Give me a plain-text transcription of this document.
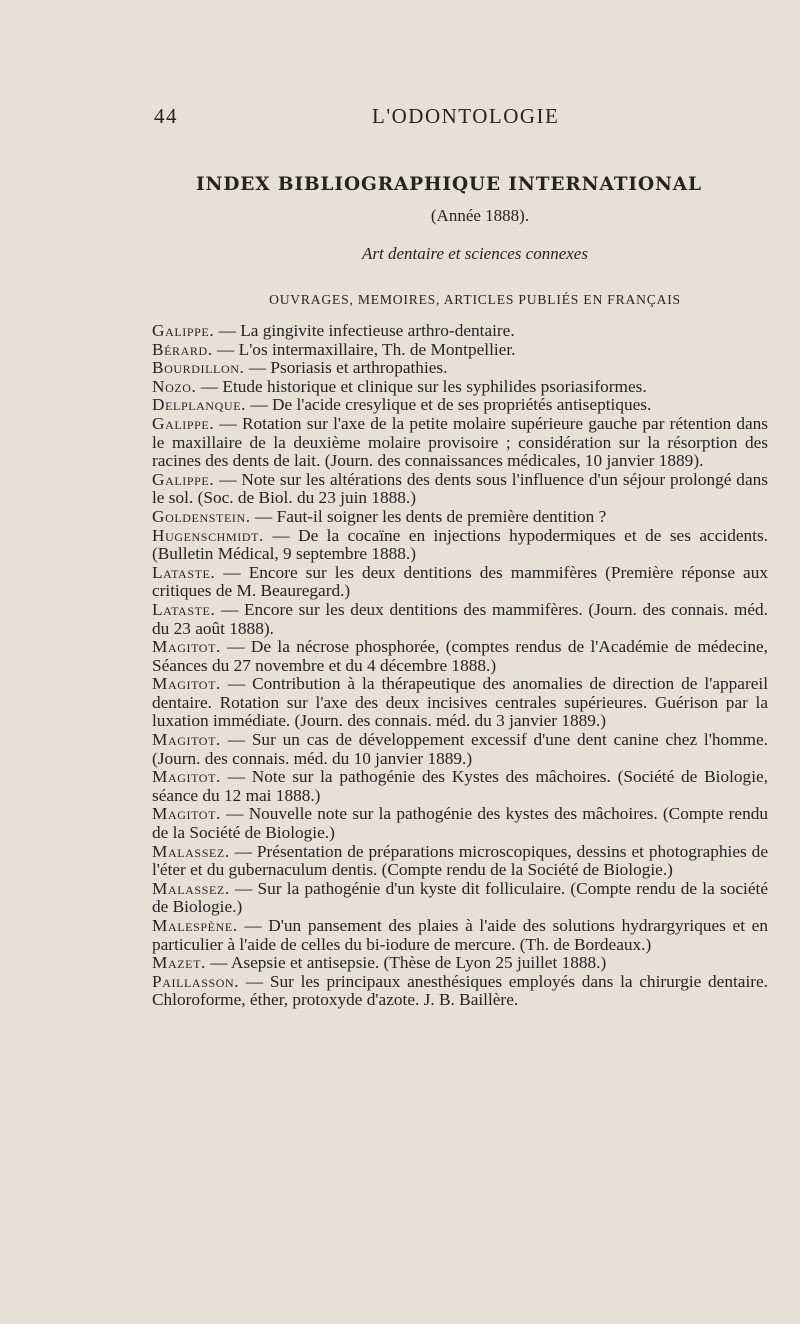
44	L'ODONTOLOGIE
INDEX BIBLIOGRAPHIQUE INTERNATIONAL
(Année 1888).
Art dentaire et sciences connexes
OUVRAGES, MEMOIRES, ARTICLES PUBLIÉS EN FRANÇAIS

Galippe. — La gingivite infectieuse arthro-dentaire.

Bérard. — L'os intermaxillaire, Th. de Montpellier.

Bourdillon. — Psoriasis et arthropathies.

Nozo. — Etude historique et clinique sur les syphilides psoriasiformes.

Delplanque. — De l'acide cresylique et de ses propriétés antiseptiques.

Galippe. — Rotation sur l'axe de la petite molaire supérieure gauche par rétention dans le maxillaire de la deuxième molaire provisoire ; considération sur la résorption des racines des dents de lait. (Journ. des connaissances médicales, 10 janvier 1889).

Galippe. — Note sur les altérations des dents sous l'influence d'un séjour prolongé dans le sol. (Soc. de Biol. du 23 juin 1888.)

Goldenstein. — Faut-il soigner les dents de première dentition ?

Hugenschmidt. — De la cocaïne en injections hypodermiques et de ses accidents. (Bulletin Médical, 9 septembre 1888.)

Lataste. — Encore sur les deux dentitions des mammifères (Première réponse aux critiques de M. Beauregard.)

Lataste. — Encore sur les deux dentitions des mammifères. (Journ. des connais. méd. du 23 août 1888).

Magitot. — De la nécrose phosphorée, (comptes rendus de l'Académie de médecine, Séances du 27 novembre et du 4 décembre 1888.)

Magitot. — Contribution à la thérapeutique des anomalies de direction de l'appareil dentaire. Rotation sur l'axe des deux incisives centrales supérieures. Guérison par la luxation immédiate. (Journ. des connais. méd. du 3 janvier 1889.)

Magitot. — Sur un cas de développement excessif d'une dent canine chez l'homme. (Journ. des connais. méd. du 10 janvier 1889.)

Magitot. — Note sur la pathogénie des Kystes des mâchoires. (Société de Biologie, séance du 12 mai 1888.)

Magitot. — Nouvelle note sur la pathogénie des kystes des mâchoires. (Compte rendu de la Société de Biologie.)

Malassez. — Présentation de préparations microscopiques, dessins et photographies de l'éter et du gubernaculum dentis. (Compte rendu de la Société de Biologie.)

Malassez. — Sur la pathogénie d'un kyste dit folliculaire. (Compte rendu de la société de Biologie.)

Malespène. — D'un pansement des plaies à l'aide des solutions hydrargyriques et en particulier à l'aide de celles du bi-iodure de mercure. (Th. de Bordeaux.)

Mazet. — Asepsie et antisepsie. (Thèse de Lyon 25 juillet 1888.)

Paillasson. — Sur les principaux anesthésiques employés dans la chirurgie dentaire. Chloroforme, éther, protoxyde d'azote. J. B. Baillère.
